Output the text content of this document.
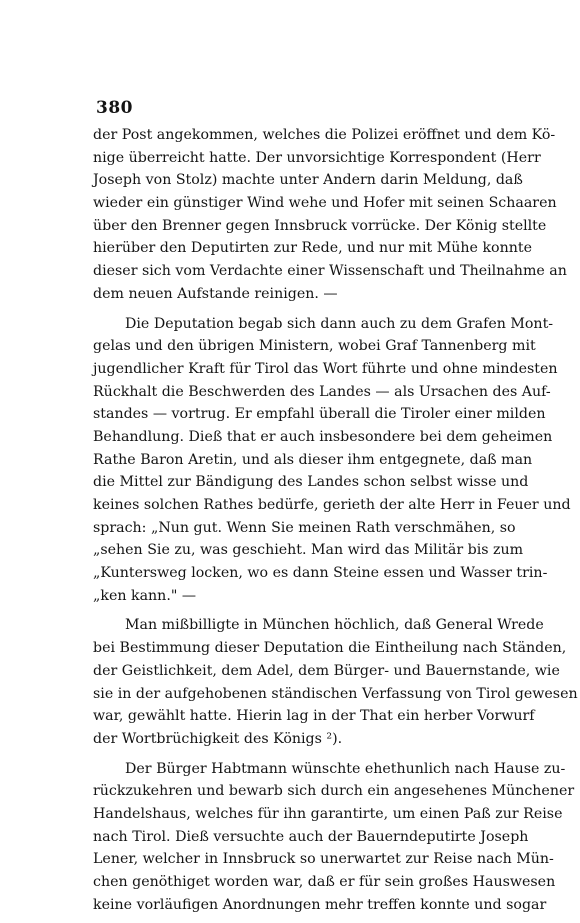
380

der Post angekommen, welches die Polizei eröffnet und dem Kö-
nige überreicht hatte. Der unvorsichtige Korrespondent (Herr
Joseph von Stolz) machte unter Andern darin Meldung, daß
wieder ein günstiger Wind wehe und Hofer mit seinen Schaaren
über den Brenner gegen Innsbruck vorrücke. Der König stellte
hierüber den Deputirten zur Rede, und nur mit Mühe konnte
dieser sich vom Verdachte einer Wissenschaft und Theilnahme an
dem neuen Aufstande reinigen. —

Die Deputation begab sich dann auch zu dem Grafen Mont-
gelas und den übrigen Ministern, wobei Graf Tannenberg mit
jugendlicher Kraft für Tirol das Wort führte und ohne mindesten
Rückhalt die Beschwerden des Landes — als Ursachen des Auf-
standes — vortrug. Er empfahl überall die Tiroler einer milden
Behandlung. Dieß that er auch insbesondere bei dem geheimen
Rathe Baron Aretin, und als dieser ihm entgegnete, daß man
die Mittel zur Bändigung des Landes schon selbst wisse und
keines solchen Rathes bedürfe, gerieth der alte Herr in Feuer und
sprach: „Nun gut. Wenn Sie meinen Rath verschmähen, so
„sehen Sie zu, was geschieht. Man wird das Militär bis zum
„Kuntersweg locken, wo es dann Steine essen und Wasser trin-
„ken kann." —

Man mißbilligte in München höchlich, daß General Wrede
bei Bestimmung dieser Deputation die Eintheilung nach Ständen,
der Geistlichkeit, dem Adel, dem Bürger- und Bauernstande, wie
sie in der aufgehobenen ständischen Verfassung von Tirol gewesen
war, gewählt hatte. Hierin lag in der That ein herber Vorwurf
der Wortbrüchigkeit des Königs ²).

Der Bürger Habtmann wünschte ehethunlich nach Hause zu-
rückzukehren und bewarb sich durch ein angesehenes Münchener
Handelshaus, welches für ihn garantirte, um einen Paß zur Reise
nach Tirol. Dieß versuchte auch der Bauerndeputirte Joseph
Lener, welcher in Innsbruck so unerwartet zur Reise nach Mün-
chen genöthiget worden war, daß er für sein großes Hauswesen
keine vorläufigen Anordnungen mehr treffen konnte und sogar
